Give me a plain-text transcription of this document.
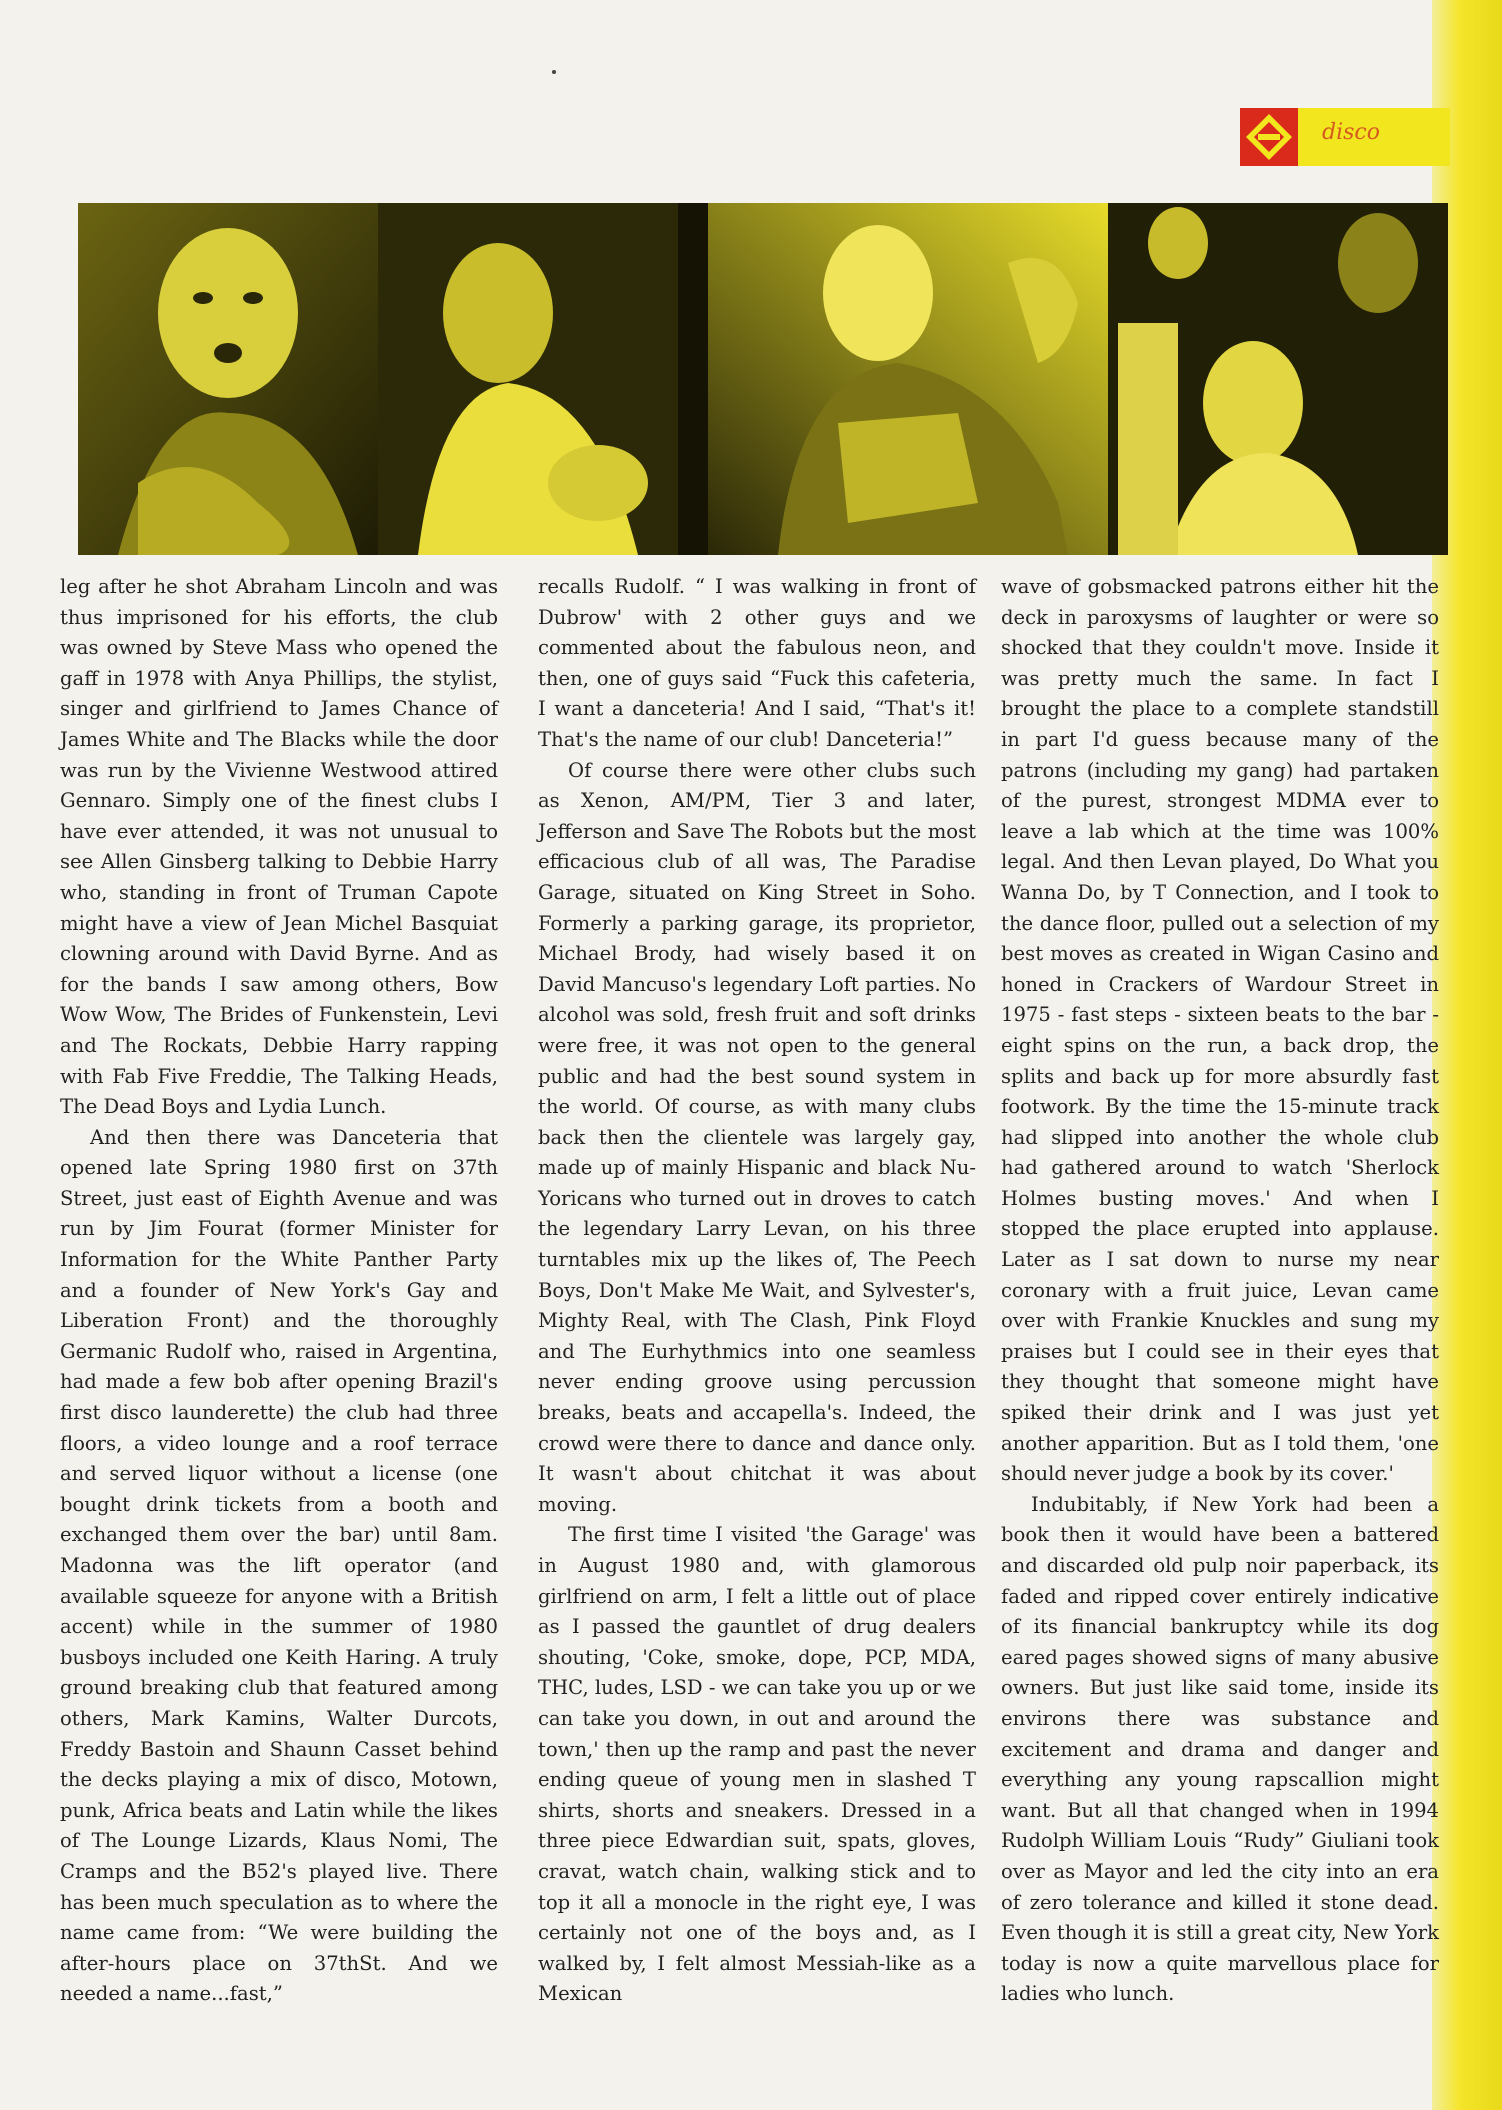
disco

leg after he shot Abraham Lincoln and was thus imprisoned for his efforts, the club was owned by Steve Mass who opened the gaff in 1978 with Anya Phillips, the stylist, singer and girlfriend to James Chance of James White and The Blacks while the door was run by the Vivienne Westwood attired Gennaro. Simply one of the finest clubs I have ever attended, it was not unusual to see Allen Ginsberg talking to Debbie Harry who, standing in front of Truman Capote might have a view of Jean Michel Basquiat clowning around with David Byrne. And as for the bands I saw among others, Bow Wow Wow, The Brides of Funkenstein, Levi and The Rockats, Debbie Harry rapping with Fab Five Freddie, The Talking Heads, The Dead Boys and Lydia Lunch.

And then there was Danceteria that opened late Spring 1980 first on 37th Street, just east of Eighth Avenue and was run by Jim Fourat (former Minister for Information for the White Panther Party and a founder of New York's Gay and Liberation Front) and the thoroughly Germanic Rudolf who, raised in Argentina, had made a few bob after opening Brazil's first disco launderette) the club had three floors, a video lounge and a roof terrace and served liquor without a license (one bought drink tickets from a booth and exchanged them over the bar) until 8am. Madonna was the lift operator (and available squeeze for anyone with a British accent) while in the summer of 1980 busboys included one Keith Haring. A truly ground breaking club that featured among others, Mark Kamins, Walter Durcots, Freddy Bastoin and Shaunn Casset behind the decks playing a mix of disco, Motown, punk, Africa beats and Latin while the likes of The Lounge Lizards, Klaus Nomi, The Cramps and the B52's played live. There has been much speculation as to where the name came from: “We were building the after-hours place on 37thSt. And we needed a name...fast,”

recalls Rudolf. “ I was walking in front of Dubrow' with 2 other guys and we commented about the fabulous neon, and then, one of guys said “Fuck this cafeteria, I want a danceteria! And I said, “That's it! That's the name of our club! Danceteria!”

Of course there were other clubs such as Xenon, AM/PM, Tier 3 and later, Jefferson and Save The Robots but the most efficacious club of all was, The Paradise Garage, situated on King Street in Soho. Formerly a parking garage, its proprietor, Michael Brody, had wisely based it on David Mancuso's legendary Loft parties. No alcohol was sold, fresh fruit and soft drinks were free, it was not open to the general public and had the best sound system in the world. Of course, as with many clubs back then the clientele was largely gay, made up of mainly Hispanic and black Nu-Yoricans who turned out in droves to catch the legendary Larry Levan, on his three turntables mix up the likes of, The Peech Boys, Don't Make Me Wait, and Sylvester's, Mighty Real, with The Clash, Pink Floyd and The Eurhythmics into one seamless never ending groove using percussion breaks, beats and accapella's. Indeed, the crowd were there to dance and dance only. It wasn't about chitchat it was about moving.

The first time I visited 'the Garage' was in August 1980 and, with glamorous girlfriend on arm, I felt a little out of place as I passed the gauntlet of drug dealers shouting, 'Coke, smoke, dope, PCP, MDA, THC, ludes, LSD - we can take you up or we can take you down, in out and around the town,' then up the ramp and past the never ending queue of young men in slashed T shirts, shorts and sneakers. Dressed in a three piece Edwardian suit, spats, gloves, cravat, watch chain, walking stick and to top it all a monocle in the right eye, I was certainly not one of the boys and, as I walked by, I felt almost Messiah-like as a Mexican

wave of gobsmacked patrons either hit the deck in paroxysms of laughter or were so shocked that they couldn't move. Inside it was pretty much the same. In fact I brought the place to a complete standstill in part I'd guess because many of the patrons (including my gang) had partaken of the purest, strongest MDMA ever to leave a lab which at the time was 100% legal. And then Levan played, Do What you Wanna Do, by T Connection, and I took to the dance floor, pulled out a selection of my best moves as created in Wigan Casino and honed in Crackers of Wardour Street in 1975 - fast steps - sixteen beats to the bar - eight spins on the run, a back drop, the splits and back up for more absurdly fast footwork. By the time the 15-minute track had slipped into another the whole club had gathered around to watch 'Sherlock Holmes busting moves.' And when I stopped the place erupted into applause. Later as I sat down to nurse my near coronary with a fruit juice, Levan came over with Frankie Knuckles and sung my praises but I could see in their eyes that they thought that someone might have spiked their drink and I was just yet another apparition. But as I told them, 'one should never judge a book by its cover.'

Indubitably, if New York had been a book then it would have been a battered and discarded old pulp noir paperback, its faded and ripped cover entirely indicative of its financial bankruptcy while its dog eared pages showed signs of many abusive owners. But just like said tome, inside its environs there was substance and excitement and drama and danger and everything any young rapscallion might want. But all that changed when in 1994 Rudolph William Louis “Rudy” Giuliani took over as Mayor and led the city into an era of zero tolerance and killed it stone dead. Even though it is still a great city, New York today is now a quite marvellous place for ladies who lunch.
